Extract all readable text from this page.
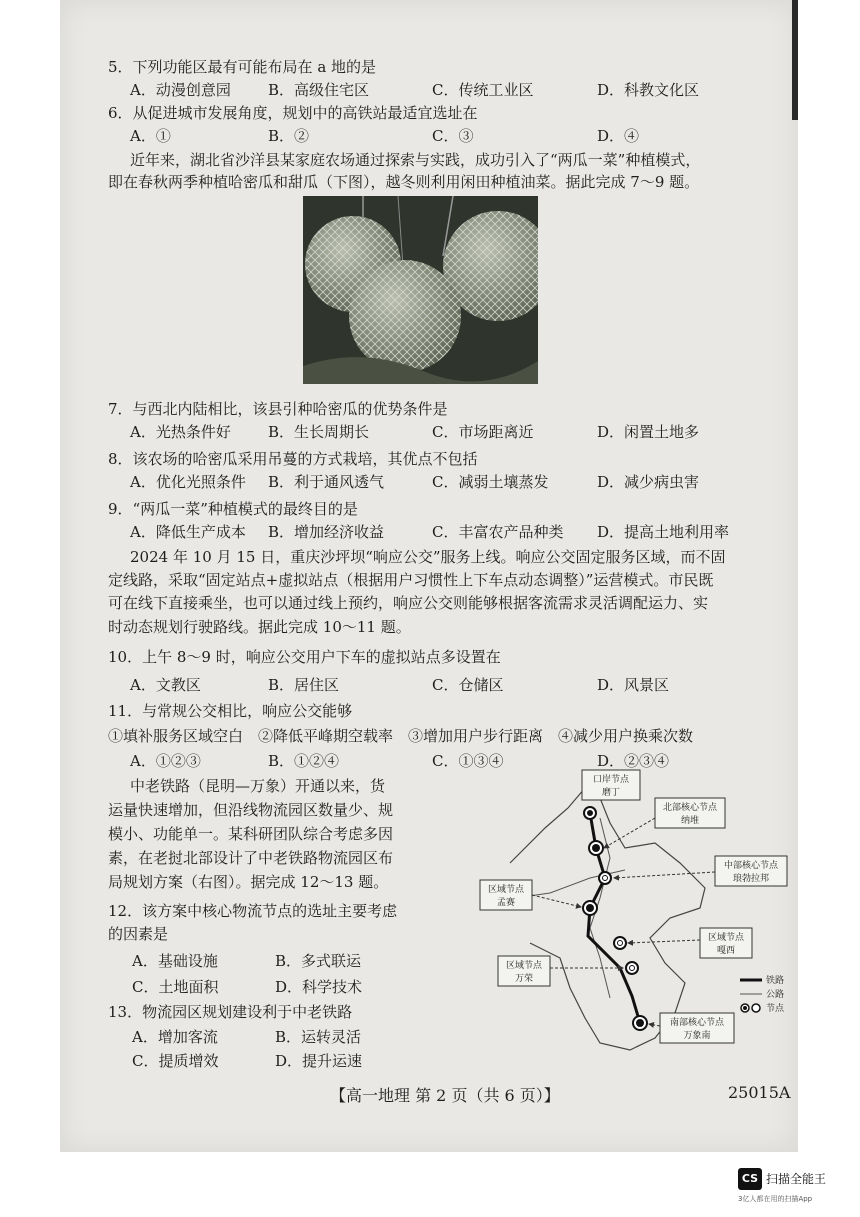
5．下列功能区最有可能布局在 a 地的是
A．动漫创意园 B．高级住宅区	C．传统工业区	D．科教文化区
6．从促进城市发展角度，规划中的高铁站最适宜选址在
A．①	B．②	C．③	D．④
近年来，湖北省沙洋县某家庭农场通过探索与实践，成功引入了“两瓜一菜”种植模式，
即在春秋两季种植哈密瓜和甜瓜（下图），越冬则利用闲田种植油菜。据此完成 7～9 题。
7．与西北内陆相比，该县引种哈密瓜的优势条件是
A．光热条件好 B．生长周期长	C．市场距离近	D．闲置土地多
8．该农场的哈密瓜采用吊蔓的方式栽培，其优点不包括
A．优化光照条件 B．利于通风透气	C．减弱土壤蒸发	D．减少病虫害
9．“两瓜一菜”种植模式的最终目的是
A．降低生产成本 B．增加经济收益	C．丰富农产品种类 D．提高土地利用率
2024 年 10 月 15 日，重庆沙坪坝“响应公交”服务上线。响应公交固定服务区域，而不固
定线路，采取“固定站点+虚拟站点（根据用户习惯性上下车点动态调整）”运营模式。市民既
可在线下直接乘坐，也可以通过线上预约，响应公交则能够根据客流需求灵活调配运力、实
时动态规划行驶路线。据此完成 10～11 题。
10．上午 8～9 时，响应公交用户下车的虚拟站点多设置在
A．文教区	B．居住区	C．仓储区	D．风景区
11．与常规公交相比，响应公交能够
①填补服务区域空白　②降低平峰期空载率　③增加用户步行距离　④减少用户换乘次数
A．①②③	B．①②④	C．①③④	D．②③④
中老铁路（昆明—万象）开通以来，货
运量快速增加，但沿线物流园区数量少、规
模小、功能单一。某科研团队综合考虑多因
素，在老挝北部设计了中老铁路物流园区布
局规划方案（右图）。据完成 12～13 题。
12．该方案中核心物流节点的选址主要考虑
的因素是
A．基础设施	B．多式联运
C．土地面积	D．科学技术
13．物流园区规划建设利于中老铁路
A．增加客流	B．运转灵活
C．提质增效	D．提升运速
口岸节点
磨丁
北部核心节点
纳堆
中部核心节点
琅勃拉邦
区域节点
孟赛
区域节点
嘎西
区域节点
万荣
南部核心节点
万象南
铁路
公路
节点
【高一地理 第 2 页（共 6 页）】	25015A
CS 扫描全能王
3亿人都在用的扫描App
